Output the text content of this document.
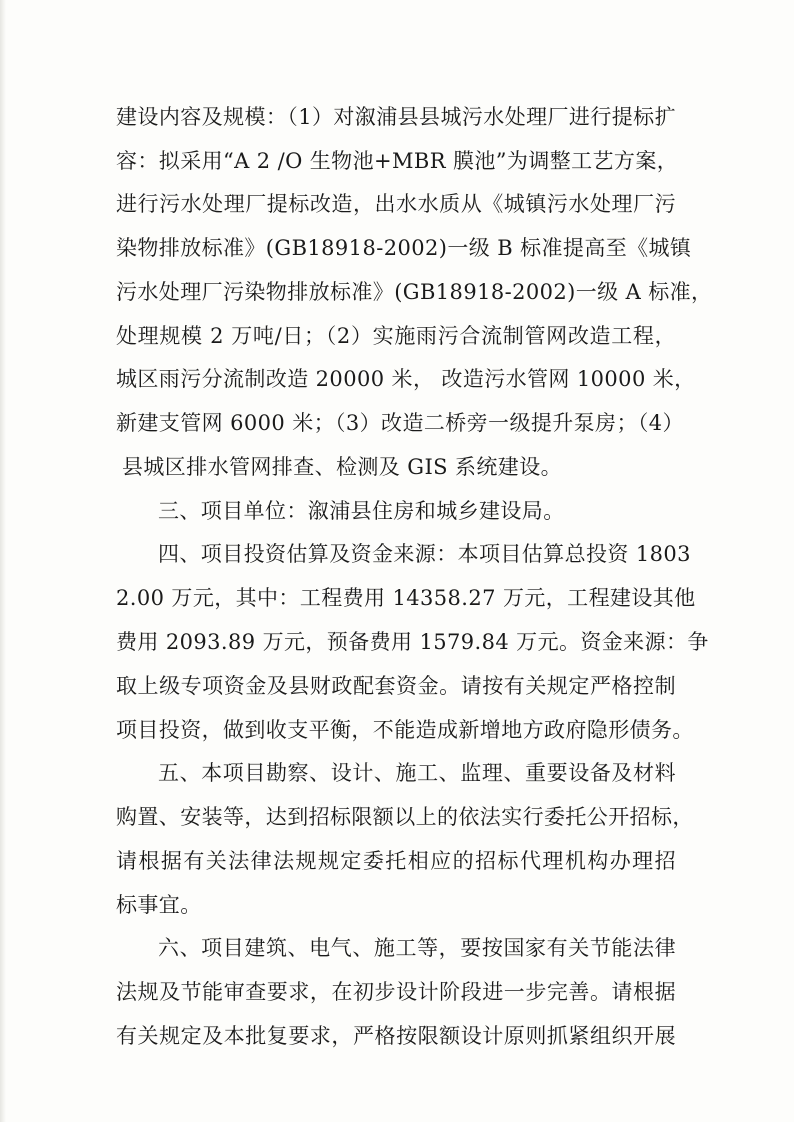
建设内容及规模：（1）对溆浦县县城污水处理厂进行提标扩
容：拟采用“A 2 /O 生物池+MBR 膜池”为调整工艺方案，
进行污水处理厂提标改造，出水水质从《城镇污水处理厂污
染物排放标准》(GB18918-2002)一级 B 标准提高至《城镇
污水处理厂污染物排放标准》(GB18918-2002)一级 A 标准，
处理规模 2 万吨/日；（2）实施雨污合流制管网改造工程，
城区雨污分流制改造 20000 米， 改造污水管网 10000 米，
新建支管网 6000 米；（3）改造二桥旁一级提升泵房；（4）
县城区排水管网排查、检测及 GIS 系统建设。
三、项目单位：溆浦县住房和城乡建设局。
四、项目投资估算及资金来源：本项目估算总投资 1803
2.00 万元，其中：工程费用 14358.27 万元，工程建设其他
费用 2093.89 万元，预备费用 1579.84 万元。资金来源：争
取上级专项资金及县财政配套资金。请按有关规定严格控制
项目投资，做到收支平衡，不能造成新增地方政府隐形债务。
五、本项目勘察、设计、施工、监理、重要设备及材料
购置、安装等，达到招标限额以上的依法实行委托公开招标，
请根据有关法律法规规定委托相应的招标代理机构办理招
标事宜。
六、项目建筑、电气、施工等，要按国家有关节能法律
法规及节能审查要求，在初步设计阶段进一步完善。请根据
有关规定及本批复要求，严格按限额设计原则抓紧组织开展
